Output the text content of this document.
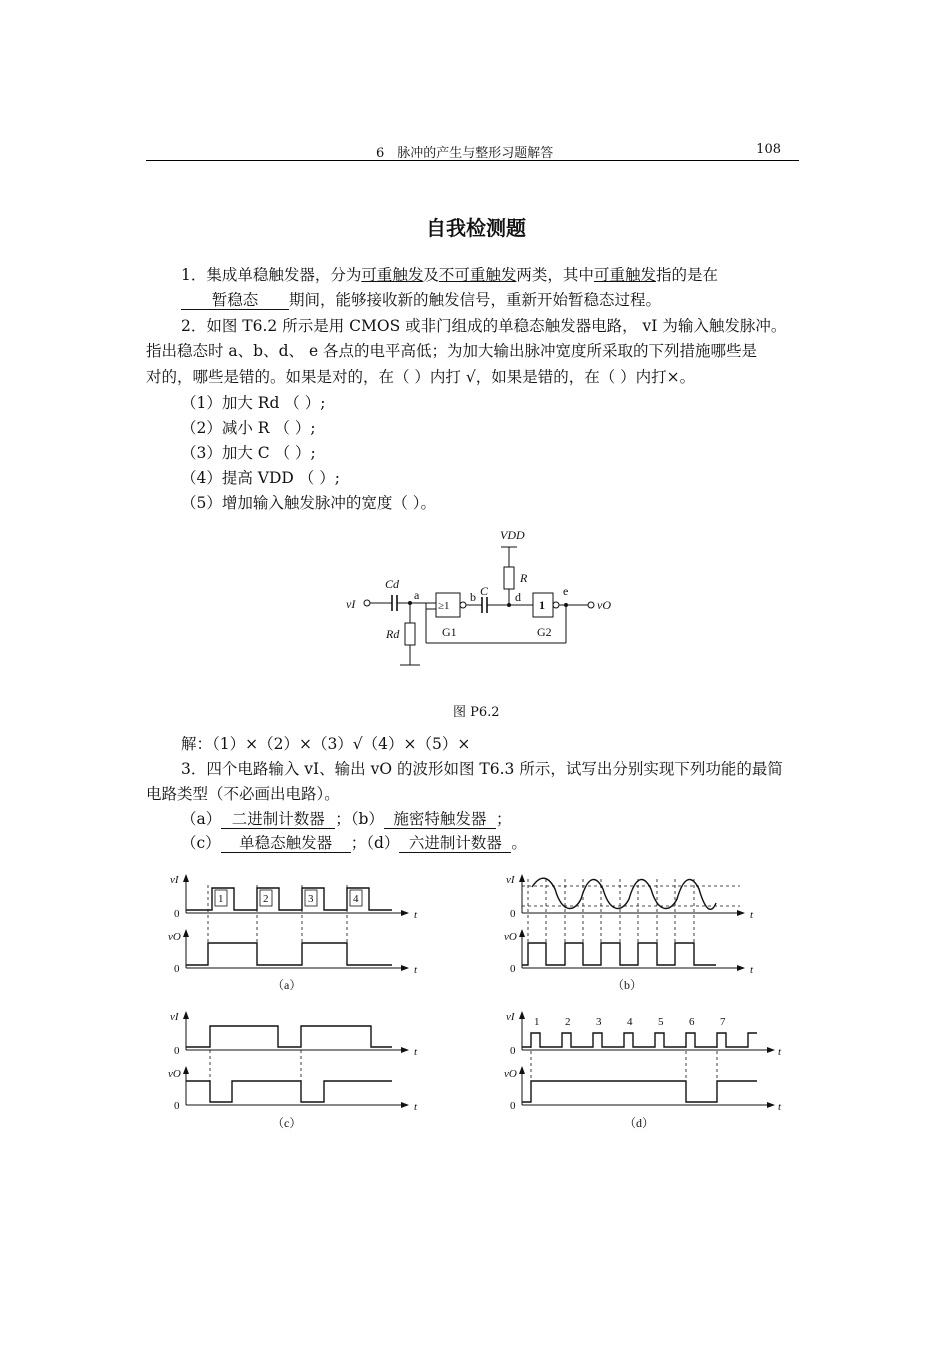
6　脉冲的产生与整形习题解答	108
自我检测题
1．集成单稳触发器，分为可重触发及不可重触发两类，其中可重触发指的是在
暂稳态 期间，能够接收新的触发信号，重新开始暂稳态过程。
2．如图 T6.2 所示是用 CMOS 或非门组成的单稳态触发器电路， vI 为输入触发脉冲。
指出稳态时 a、b、d、 e 各点的电平高低；为加大输出脉冲宽度所采取的下列措施哪些是
对的，哪些是错的。如果是对的，在（ ）内打 √，如果是错的，在（ ）内打×。
（1）加大 Rd （ ）;
（2）减小 R （ ）;
（3）加大 C （ ）;
（4）提高 VDD （ ）;
（5）增加输入触发脉冲的宽度（ ）。
VDD
R
Cd	C
vI	vO
Rd
a
≥1
b	d
1
e
G1	G2
图 P6.2
解：（1）×（2）×（3）√（4）×（5）×
3．四个电路输入 vI、输出 vO 的波形如图 T6.3 所示，试写出分别实现下列功能的最简
电路类型（不必画出电路）。
（a） 二进制计数器 ；（b） 施密特触发器 ；
（c） 单稳态触发器 ；（d） 六进制计数器 。
1	2	3	4
1 2 3 4 5 6 7
0
0
0
0
0
0
0
0
vI
vO
vI
vO
vI
vO
vI
vO
t
t
t
t
t
t
t
t
（a）	（b）
（c）	（d）
